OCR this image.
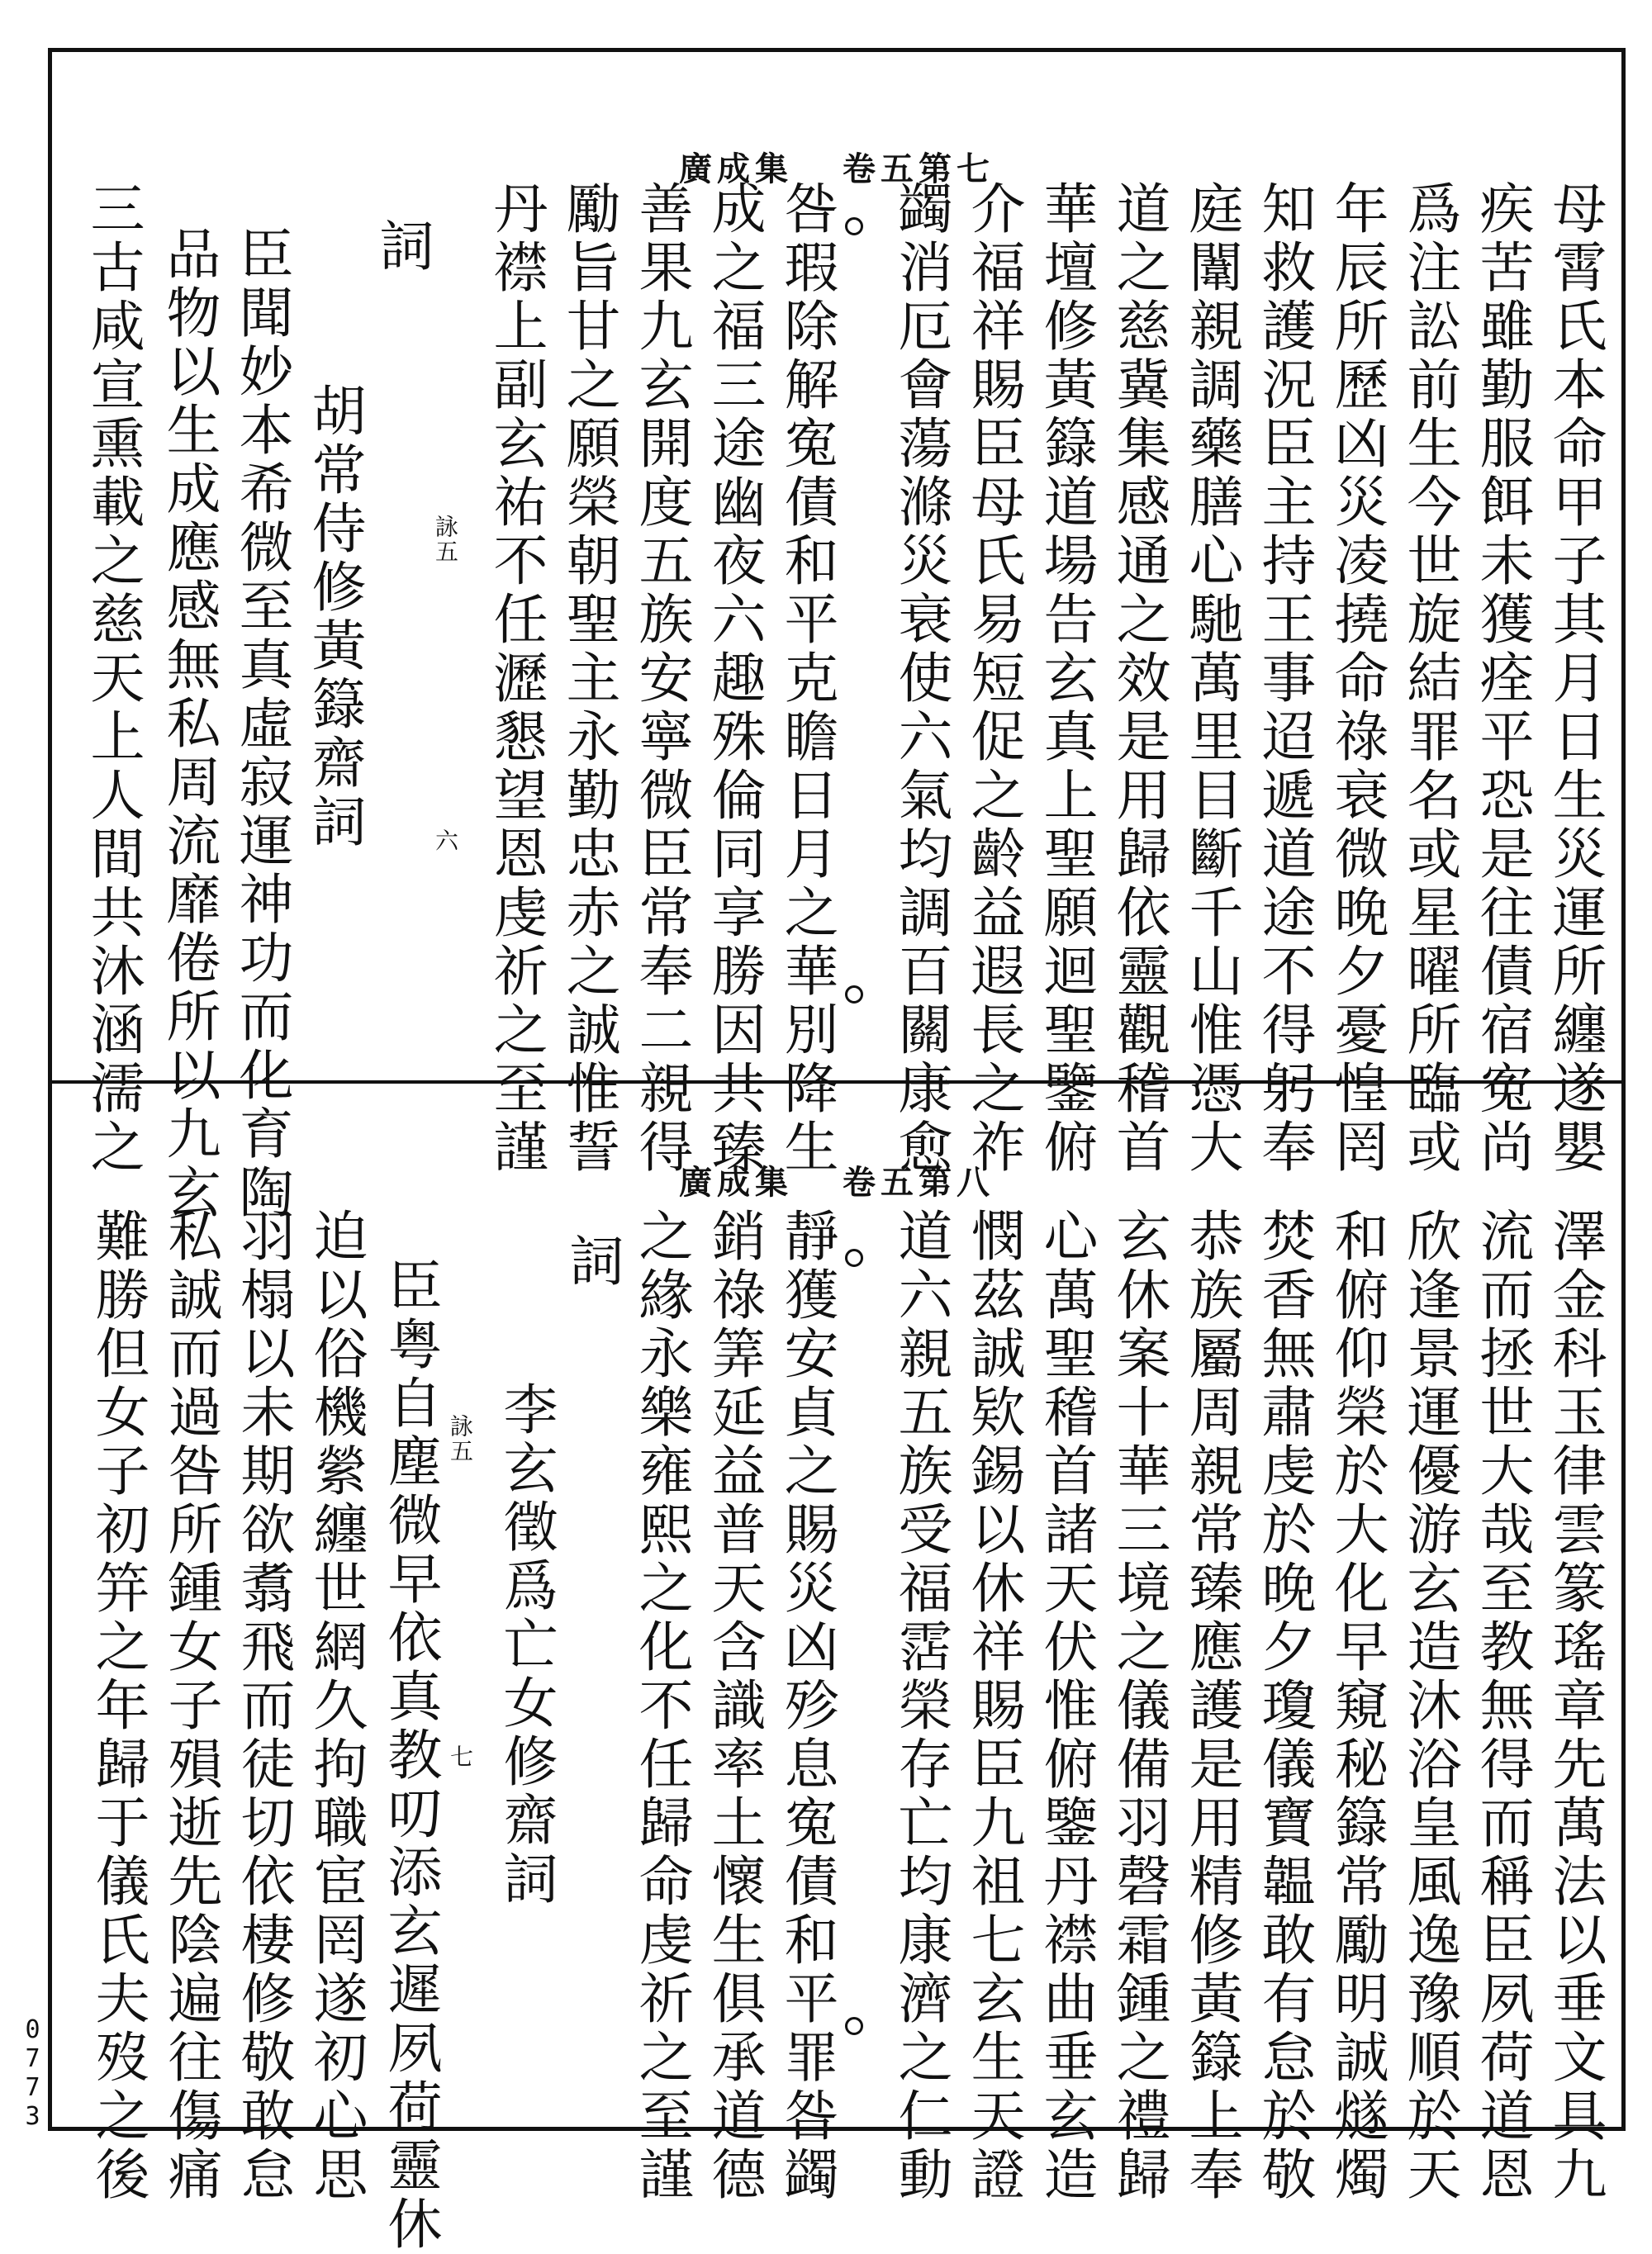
廣成集 卷五第七
母霄氏本命甲子其月日生災運所纏遂嬰
疾苦雖勤服餌未獲痊平恐是往債宿寃尚
爲注訟前生今世旋結罪名或星曜所臨或
年辰所歷凶災凌撓命祿衰微晚夕憂惶罔
知救護況臣主持王事迢遞道途不得躬奉
庭闈親調藥膳心馳萬里目斷千山惟憑大
道之慈冀集感通之效是用歸依靈觀稽首
華壇修黃籙道場告玄真上聖願迴聖鑒俯
介福祥賜臣母氏易短促之齡益遐長之祚
蠲消厄會蕩滌災衰使六氣均調百關康愈
咎瑕除解寃債和平克瞻日月之華別降生
成之福三途幽夜六趣殊倫同享勝因共臻
善果九玄開度五族安寧微臣常奉二親得
勵旨甘之願榮朝聖主永勤忠赤之誠惟誓
丹襟上副玄祐不任瀝懇望恩虔祈之至謹
詠五
六
詞
胡常侍修黃籙齋詞
臣聞妙本希微至真虛寂運神功而化育陶
品物以生成應感無私周流靡倦所以九玄
三古咸宣熏載之慈天上人間共沐涵濡之
廣成集 卷五第八
澤金科玉律雲篆瑤章先萬法以垂文具九
流而拯世大哉至教無得而稱臣夙荷道恩
欣逢景運優游玄造沐浴皇風逸豫順於天
和俯仰榮於大化早窺秘籙常勵明誠燧燭
焚香無肅虔於晚夕瓊儀寶韞敢有怠於敬
恭族屬周親常臻應護是用精修黃籙上奉
玄休案十華三境之儀備羽磬霜鍾之禮歸
心萬聖稽首諸天伏惟俯鑒丹襟曲垂玄造
憫茲誠欵錫以休祥賜臣九祖七玄生天證
道六親五族受福霑榮存亡均康濟之仁動
靜獲安貞之賜災凶殄息寃債和平罪咎蠲
銷祿筭延益普天含識率土懷生俱承道德
之緣永樂雍熙之化不任歸命虔祈之至謹
詞
李玄徵爲亡女修齋詞
詠五
七
臣粤自塵微早依真教叨添玄遲夙荷靈休
迫以俗機縈纏世網久拘職宦罔遂初心思
羽榻以未期欲翥飛而徒切依棲修敬敢怠
私誠而過咎所鍾女子殞逝先陰遍往傷痛
難勝但女子初笄之年歸于儀氏夫歿之後
0773
